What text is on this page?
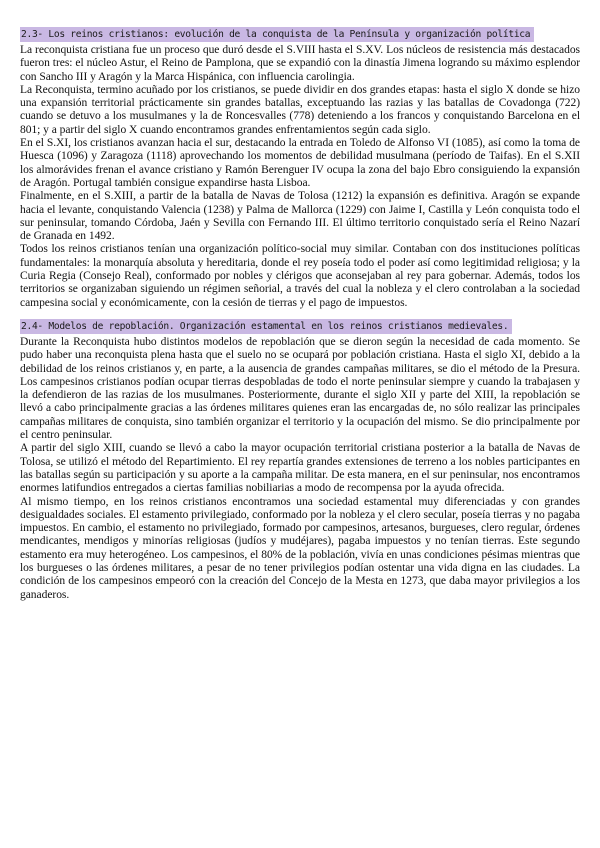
2.3- Los reinos cristianos: evolución de la conquista de la Península y organización política

La reconquista cristiana fue un proceso que duró desde el S.VIII hasta el S.XV. Los núcleos de resistencia más destacados fueron tres: el núcleo Astur, el Reino de Pamplona, que se expandió con la dinastía Jimena logrando su máximo esplendor con Sancho III y Aragón y la Marca Hispánica, con influencia carolingia.

La Reconquista, termino acuñado por los cristianos, se puede dividir en dos grandes etapas: hasta el siglo X donde se hizo una expansión territorial prácticamente sin grandes batallas, exceptuando las razias y las batallas de Covadonga (722) cuando se detuvo a los musulmanes y la de Roncesvalles (778) deteniendo a los francos y conquistando Barcelona en el 801; y a partir del siglo X cuando encontramos grandes enfrentamientos según cada siglo.

En el S.XI, los cristianos avanzan hacia el sur, destacando la entrada en Toledo de Alfonso VI (1085), así como la toma de Huesca (1096) y Zaragoza (1118) aprovechando los momentos de debilidad musulmana (período de Taifas). En el S.XII los almorávides frenan el avance cristiano y Ramón Berenguer IV ocupa la zona del bajo Ebro consiguiendo la expansión de Aragón. Portugal también consigue expandirse hasta Lisboa.

Finalmente, en el S.XIII, a partir de la batalla de Navas de Tolosa (1212) la expansión es definitiva. Aragón se expande hacia el levante, conquistando Valencia (1238) y Palma de Mallorca (1229) con Jaime I, Castilla y León conquista todo el sur peninsular, tomando Córdoba, Jaén y Sevilla con Fernando III. El último territorio conquistado sería el Reino Nazarí de Granada en 1492.

Todos los reinos cristianos tenían una organización político-social muy similar. Contaban con dos instituciones políticas fundamentales: la monarquía absoluta y hereditaria, donde el rey poseía todo el poder así como legitimidad religiosa; y la Curia Regia (Consejo Real), conformado por nobles y clérigos que aconsejaban al rey para gobernar. Además, todos los territorios se organizaban siguiendo un régimen señorial, a través del cual la nobleza y el clero controlaban a la sociedad campesina social y económicamente, con la cesión de tierras y el pago de impuestos.

2.4- Modelos de repoblación. Organización estamental en los reinos cristianos medievales.

Durante la Reconquista hubo distintos modelos de repoblación que se dieron según la necesidad de cada momento. Se pudo haber una reconquista plena hasta que el suelo no se ocupará por población cristiana. Hasta el siglo XI, debido a la debilidad de los reinos cristianos y, en parte, a la ausencia de grandes campañas militares, se dio el método de la Presura. Los campesinos cristianos podían ocupar tierras despobladas de todo el norte peninsular siempre y cuando la trabajasen y la defendieron de las razias de los musulmanes. Posteriormente, durante el siglo XII y parte del XIII, la repoblación se llevó a cabo principalmente gracias a las órdenes militares quienes eran las encargadas de, no sólo realizar las principales campañas militares de conquista, sino también organizar el territorio y la ocupación del mismo. Se dio principalmente por el centro peninsular.

A partir del siglo XIII, cuando se llevó a cabo la mayor ocupación territorial cristiana posterior a la batalla de Navas de Tolosa, se utilizó el método del Repartimiento. El rey repartía grandes extensiones de terreno a los nobles participantes en las batallas según su participación y su aporte a la campaña militar. De esta manera, en el sur peninsular, nos encontramos enormes latifundios entregados a ciertas familias nobiliarias a modo de recompensa por la ayuda ofrecida.

Al mismo tiempo, en los reinos cristianos encontramos una sociedad estamental muy diferenciadas y con grandes desigualdades sociales. El estamento privilegiado, conformado por la nobleza y el clero secular, poseía tierras y no pagaba impuestos. En cambio, el estamento no privilegiado, formado por campesinos, artesanos, burgueses, clero regular, órdenes mendicantes, mendigos y minorías religiosas (judíos y mudéjares), pagaba impuestos y no tenían tierras. Este segundo estamento era muy heterogéneo. Los campesinos, el 80% de la población, vivía en unas condiciones pésimas mientras que los burgueses o las órdenes militares, a pesar de no tener privilegios podían ostentar una vida digna en las ciudades. La condición de los campesinos empeoró con la creación del Concejo de la Mesta en 1273, que daba mayor privilegios a los ganaderos.
